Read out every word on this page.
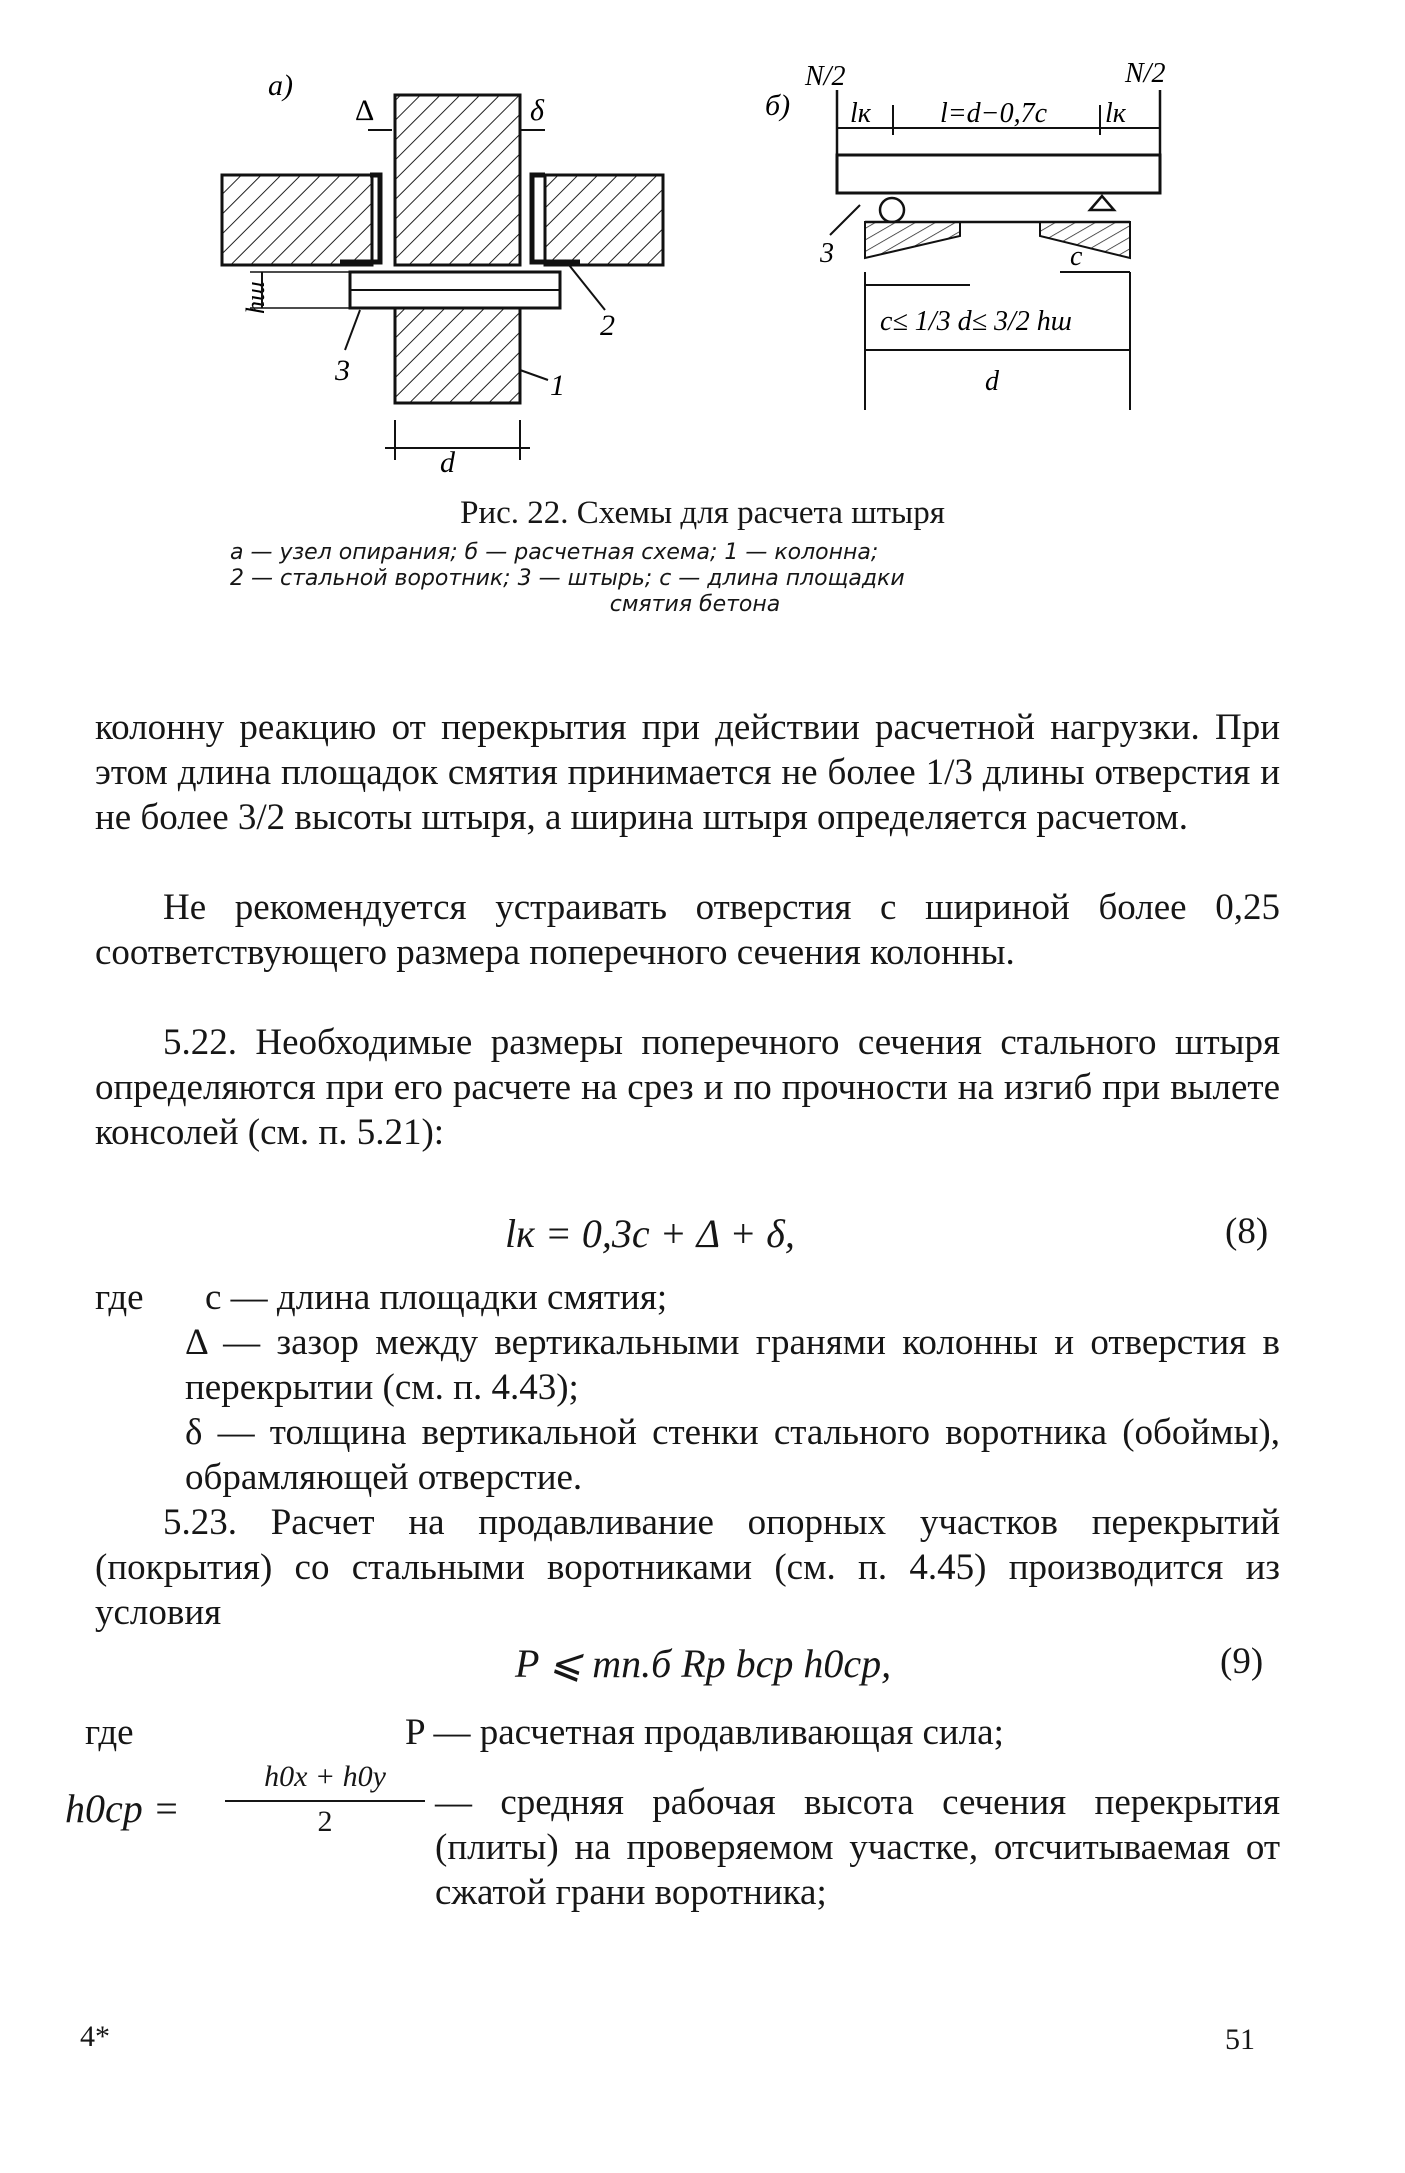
а)
d
Δ	δ
hш
2
3	1
б)
N/2	N/2
lк l=d−0,7c lк
3	c
c≤ 1/3 d≤ 3/2 hш
d
Рис. 22. Схемы для расчета штыря
а — узел опирания; б — расчетная схема; 1 — колонна;
2 — стальной воротник; 3 — штырь; с — длина площадки
смятия бетона
колонну реакцию от перекрытия при действии расчетной нагрузки. При этом длина площадок смятия принимается не более 1/3 длины отверстия и не более 3/2 высоты штыря, а ширина штыря определяется расчетом.
Не рекомендуется устраивать отверстия с шириной более 0,25 соответствующего размера поперечного сечения колонны.
5.22. Необходимые размеры поперечного сечения стального штыря определяются при его расчете на срез и по прочности на изгиб при вылете консолей (см. п. 5.21):
lк = 0,3c + Δ + δ,	(8)
где c — длина площадки смятия;
Δ — зазор между вертикальными гранями колонны и отверстия в перекрытии (см. п. 4.43);
δ — толщина вертикальной стенки стального воротника (обоймы), обрамляющей отверстие.
5.23. Расчет на продавливание опорных участков перекрытий (покрытия) со стальными воротниками (см. п. 4.45) производится из условия
P ⩽ mп.б Rp bср h0ср,	(9)
где	P — расчетная продавливающая сила;
h0ср =
h0x + h0y
2	— средняя рабочая высота сечения перекрытия (плиты) на проверяемом участке, отсчитываемая от сжатой грани воротника;
4*	51
